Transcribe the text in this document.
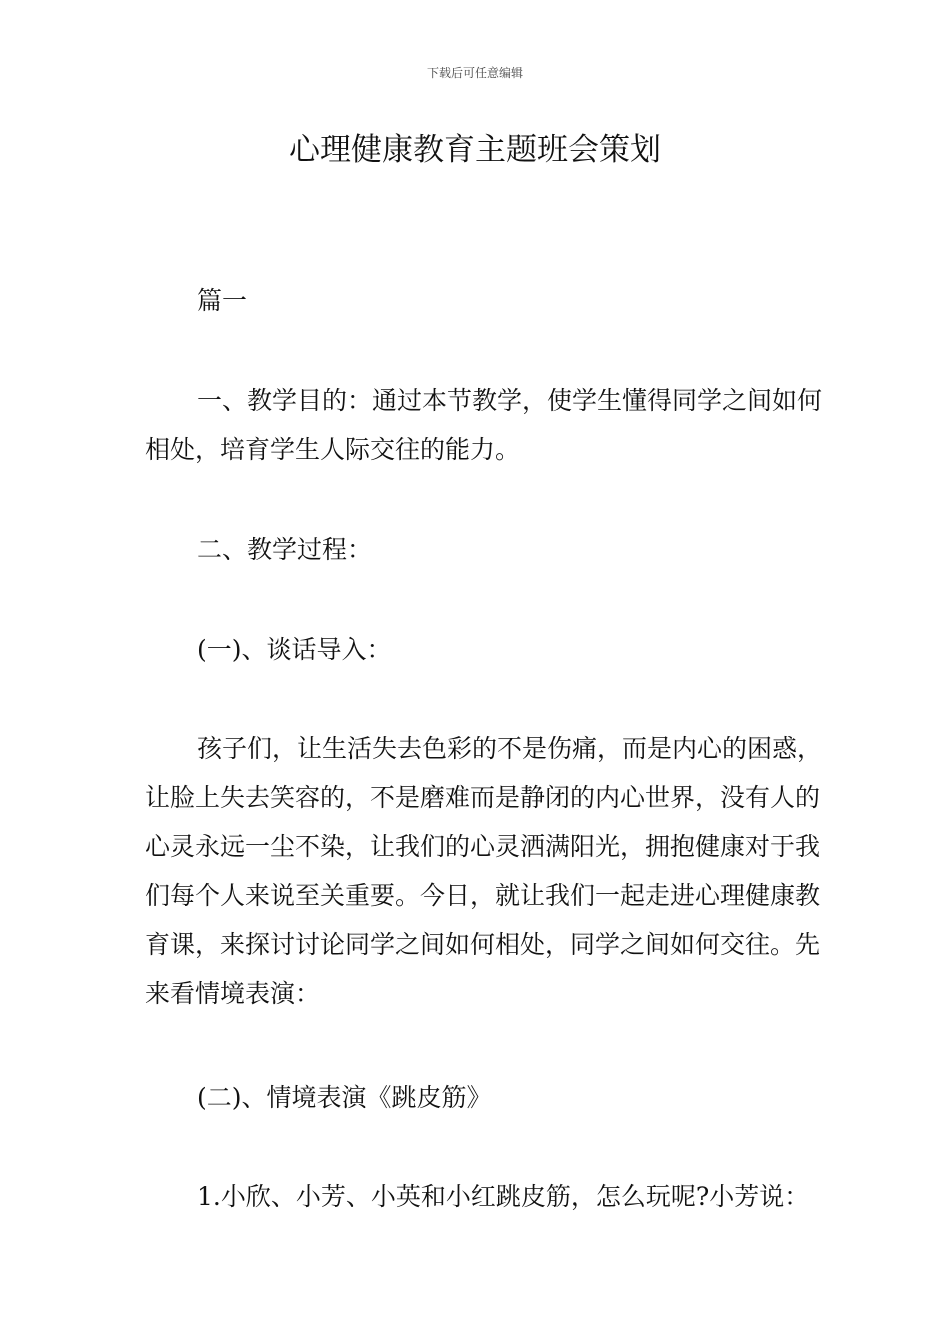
下载后可任意编辑
心理健康教育主题班会策划

篇一

一、教学目的：通过本节教学，使学生懂得同学之间如何相处，培育学生人际交往的能力。

二、教学过程：

(一)、谈话导入：

孩子们，让生活失去色彩的不是伤痛，而是内心的困惑，让脸上失去笑容的，不是磨难而是静闭的内心世界，没有人的心灵永远一尘不染，让我们的心灵洒满阳光，拥抱健康对于我们每个人来说至关重要。今日，就让我们一起走进心理健康教育课，来探讨讨论同学之间如何相处，同学之间如何交往。先来看情境表演：

(二)、情境表演《跳皮筋》

1.小欣、小芳、小英和小红跳皮筋，怎么玩呢?小芳说：
